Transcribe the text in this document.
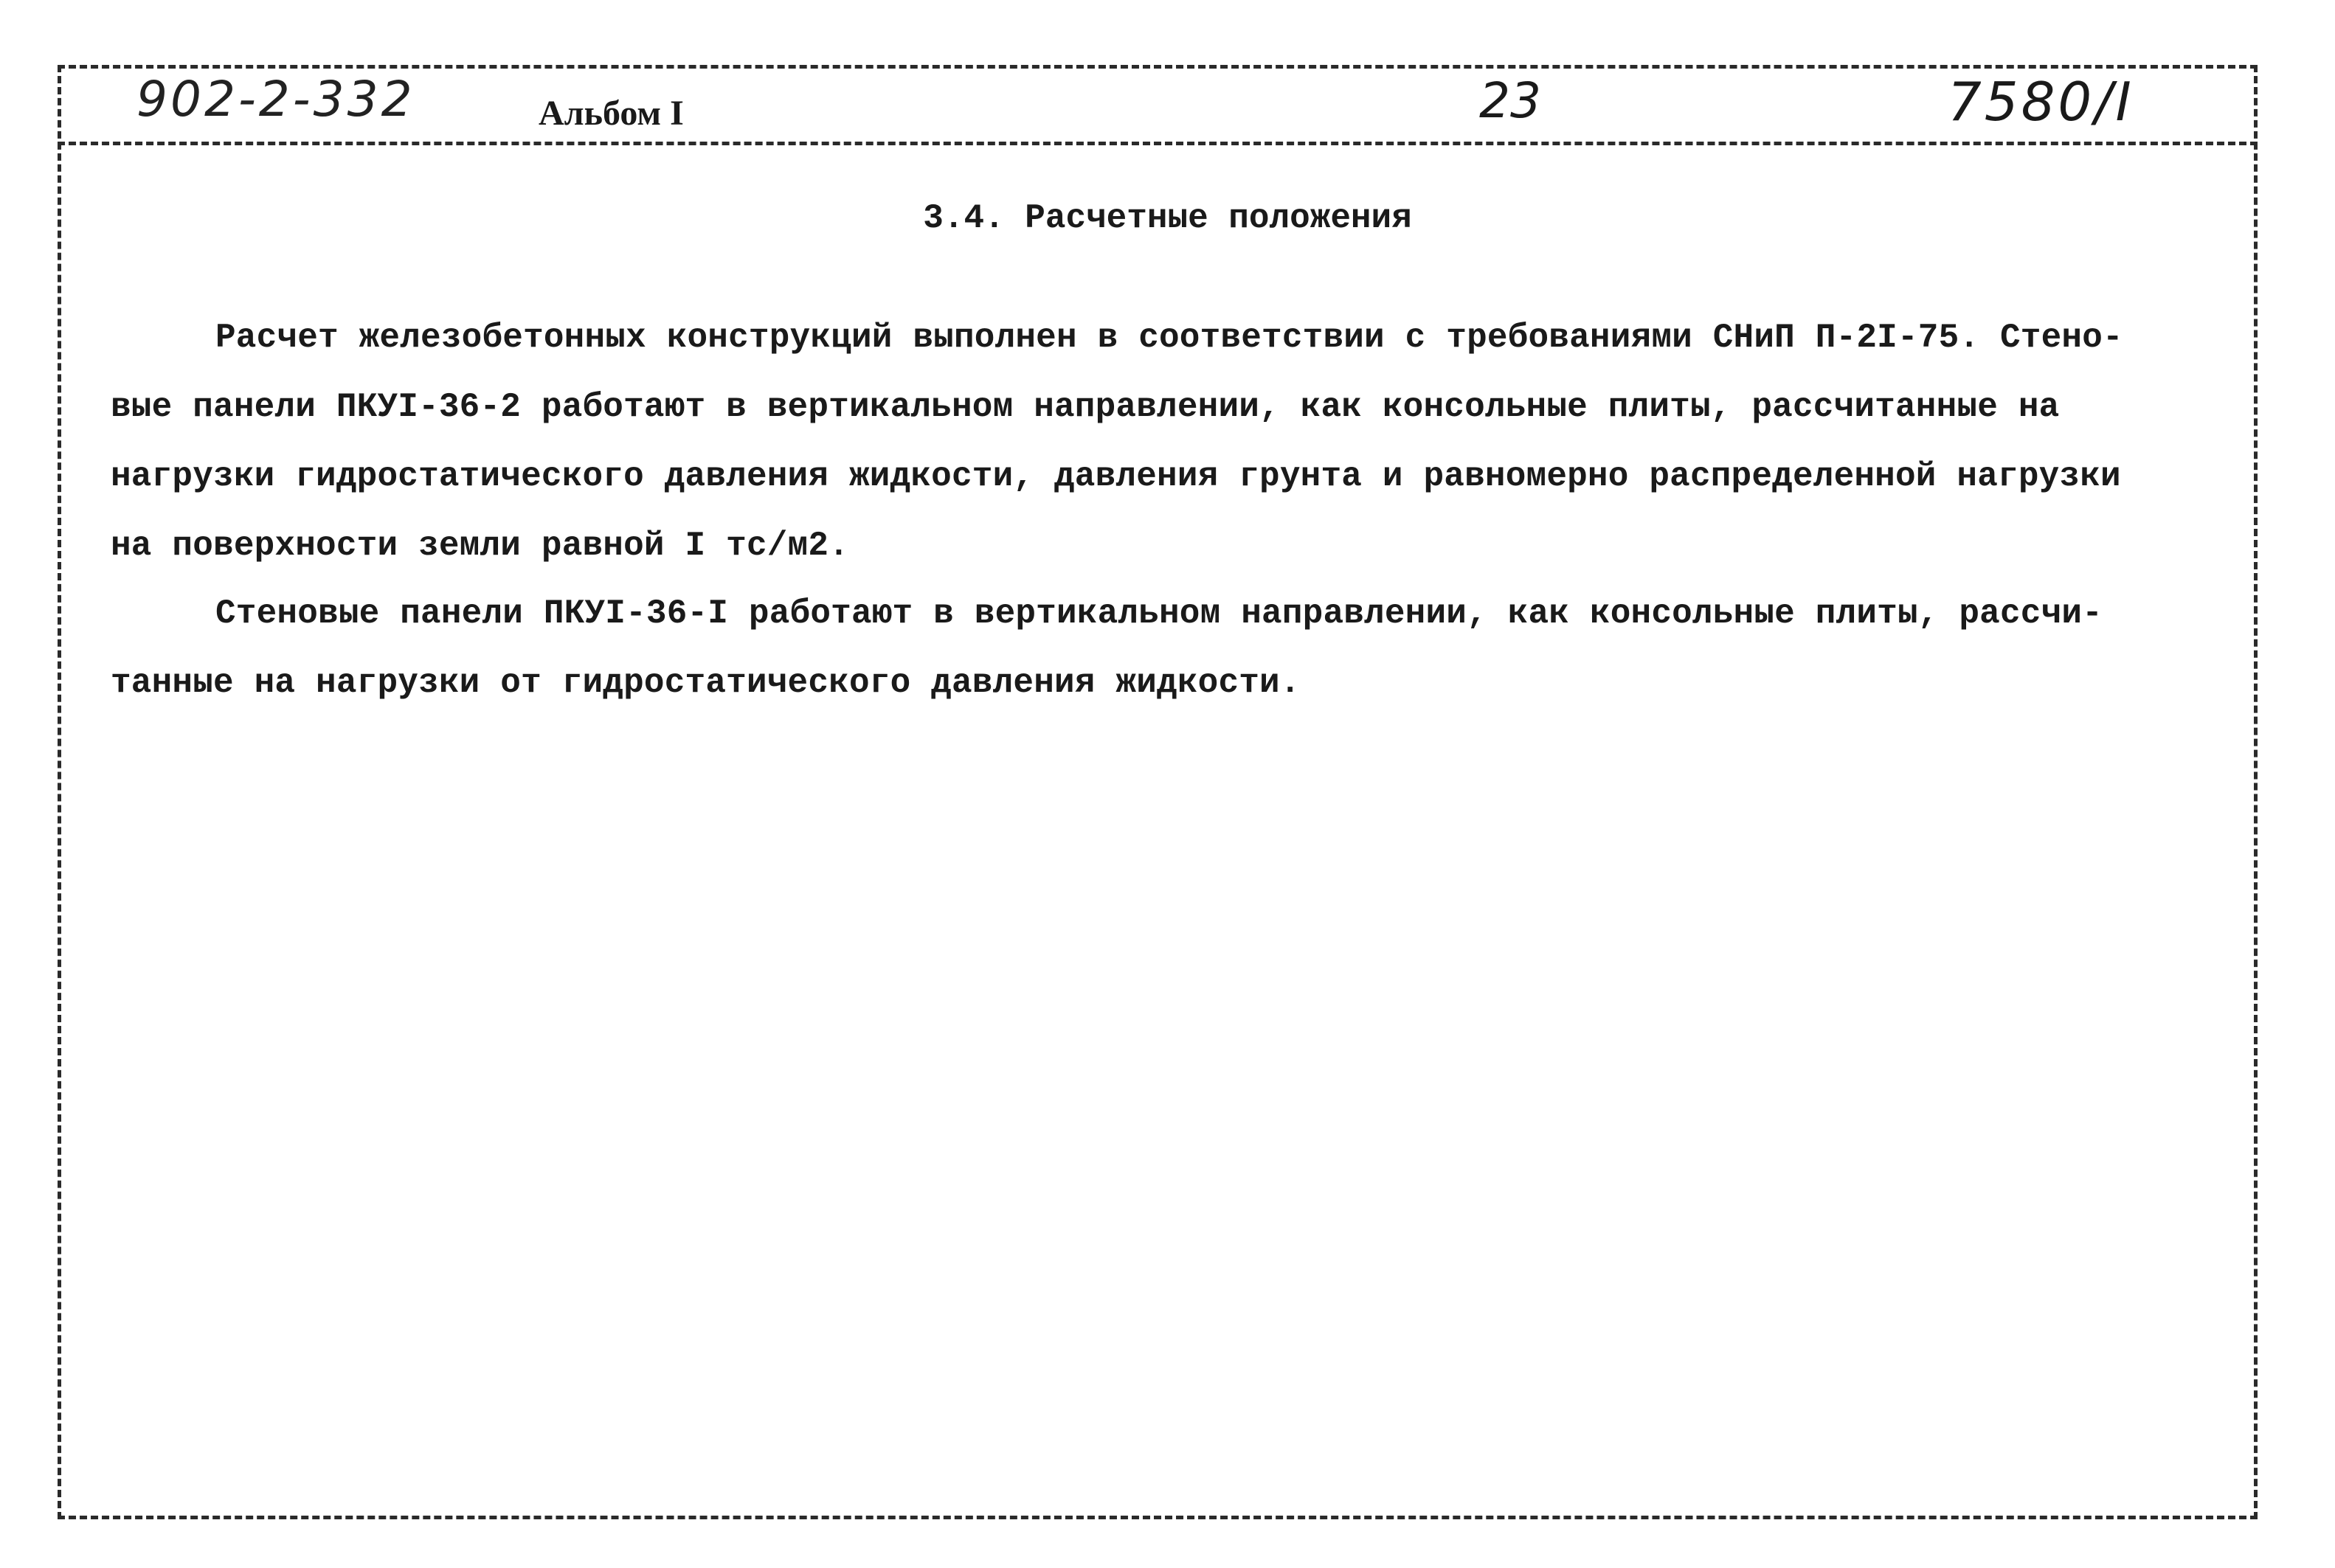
902-2-332	Альбом I	23	7580/I
3.4. Расчетные положения
Расчет железобетонных конструкций выполнен в соответствии с требованиями СНиП П-2I-75. Стено-
вые панели ПКУI-36-2 работают в вертикальном направлении, как консольные плиты, рассчитанные на
нагрузки гидростатического давления жидкости, давления грунта и равномерно распределенной нагрузки
на поверхности земли равной I тс/м2.
Стеновые панели ПКУI-36-I работают в вертикальном направлении, как консольные плиты, рассчи-
танные на нагрузки от гидростатического давления жидкости.
